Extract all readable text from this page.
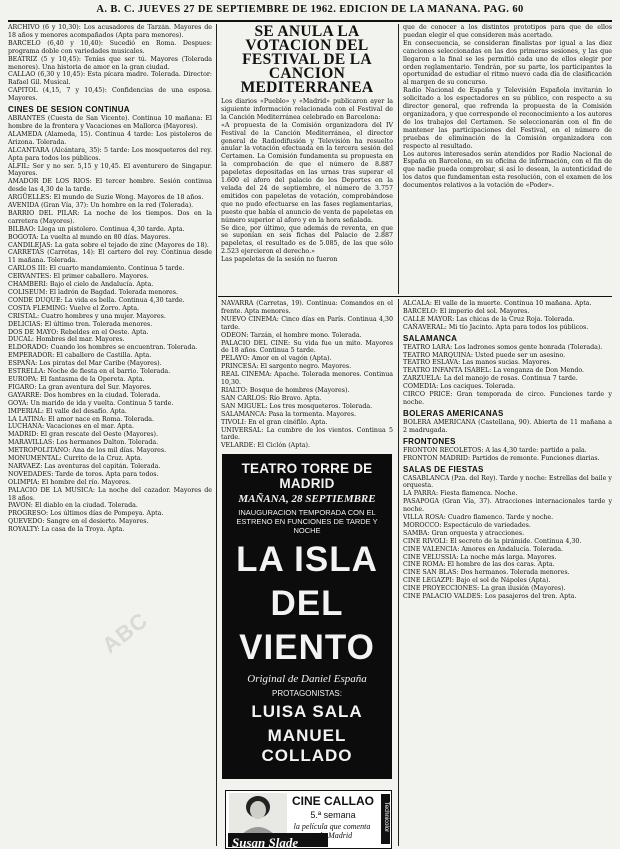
A. B. C. JUEVES 27 DE SEPTIEMBRE DE 1962. EDICION DE LA MAÑANA. PAG. 60

ARCHIVO (6 y 10,30): Los acusadores de Tarzán. Mayores de 18 años y menores acompañados (Apta para menores).

BARCELO (6,40 y 10,40): Sucedió en Roma. Despues: programa doble con variedades musicales.

BEATRIZ (5 y 10,45): Tenías que ser tú. Mayores (Tolerada menores). Una historia de amor en la gran ciudad.

CALLAO (6,30 y 10,45): Esta pícara madre. Tolerada. Director: Rafael Gil. Musical.

CAPITOL (4,15, 7 y 10,45): Confidencias de una esposa. Mayores.

CINES DE SESION CONTINUA

ABRANTES (Cuesta de San Vicente). Continua 10 mañana: El hombre de la frontera y Vacaciones en Mallorca (Mayores).

ALAMEDA (Alameda, 15). Continua 4 tarde: Los pistoleros de Arizona. Tolerada.

ALCANTARA (Alcántara, 35): 5 tarde: Los mosqueteros del rey. Apta para todos los públicos.

ALFIL: Ser y no ser. 5,15 y 10,45. El aventurero de Singapur. Mayores.

AMADOR DE LOS RIOS: El tercer hombre. Sesión continua desde las 4,30 de la tarde.

ARGÜELLES: El mundo de Suzie Wong. Mayores de 18 años.

AVENIDA (Gran Vía, 37): Un hombre en la red (Tolerada).

BARRIO DEL PILAR: La noche de los tiempos. Dos en la carretera (Mayores).

BILBAO: Llega un pistolero. Continua 4,30 tarde. Apta.

BOGOTA: La vuelta al mundo en 80 días. Mayores.

CANDILEJAS: La gata sobre el tejado de zinc (Mayores de 18).

CARRETAS (Carretas, 14): El cartero del rey. Continua desde 11 mañana. Tolerada.

CARLOS III: El cuarto mandamiento. Continua 5 tarde.

CERVANTES: El primer caballero. Mayores.

CHAMBERI: Bajo el cielo de Andalucía. Apta.

COLISEUM: El ladrón de Bagdad. Tolerada menores.

CONDE DUQUE: La vida es bella. Continua 4,30 tarde.

COSTA FLEMING: Vuelve el Zorro. Apta.

CRISTAL: Cuatro hombres y una mujer. Mayores.

DELICIAS: El último tren. Tolerada menores.

DOS DE MAYO: Rebeldes en el Oeste. Apta.

DUCAL: Hombres del mar. Mayores.

ELDORADO: Cuando los hombres se encuentran. Tolerada.

EMPERADOR: El caballero de Castilla. Apta.

ESPAÑA: Los piratas del Mar Caribe (Mayores).

ESTRELLA: Noche de fiesta en el barrio. Tolerada.

EUROPA: El fantasma de la Opereta. Apta.

FIGARO: La gran aventura del Sur. Mayores.

GAYARRE: Dos hombres en la ciudad. Tolerada.

GOYA: Un marido de ida y vuelta. Continua 5 tarde.

IMPERIAL: El valle del desafío. Apta.

LA LATINA: El amor nace en Roma. Tolerada.

LUCHANA: Vacaciones en el mar. Apta.

MADRID: El gran rescate del Oeste (Mayores).

MARAVILLAS: Los hermanos Dalton. Tolerada.

METROPOLITANO: Ana de los mil días. Mayores.

MONUMENTAL: Currito de la Cruz. Apta.

NARVAEZ: Las aventuras del capitán. Tolerada.

NOVEDADES: Tarde de toros. Apta para todos.

OLIMPIA: El hombre del río. Mayores.

PALACIO DE LA MUSICA: La noche del cazador. Mayores de 18 años.

PAVON: El diablo en la ciudad. Tolerada.

PROGRESO: Los últimos días de Pompeya. Apta.

QUEVEDO: Sangre en el desierto. Mayores.

ROYALTY: La casa de la Troya. Apta.

SE ANULA LA VOTACION DEL FESTIVAL DE LA CANCION MEDITERRANEA

Los diarios «Pueblo» y «Madrid» publicaron ayer la siguiente información relacionada con el Festival de la Canción Mediterránea celebrado en Barcelona:

«A propuesta de la Comisión organizadora del IV Festival de la Canción Mediterránea, el director general de Radiodifusión y Televisión ha resuelto anular la votación efectuada en la tercera sesión del Certamen. La Comisión fundamenta su propuesta en la comprobación de que el número de 8.887 papeletas depositadas en las urnas tras superar el 1.600 el aforo del palacio de los Deportes en la velada del 24 de septiembre, el número de 3.757 emitidos con papeletas de votación, comprobándose que no pudo efectuarse en las fases reglamentarias, puesto que había el anuncio de venta de papeletas en número superior al aforo y en la hora señalada.

Se dice, por último, que además de reventa, en que se suponían en seis fichas del Palacio de 2.887 papeletas, el resultado es de 5.085, de las que sólo 2.523 ejercieron el derecho.»

Las papeletas de la sesión no fueron

que de conocer a los distintos prototipos para que de ellos puedan elegir el que consideren más acertado.

En consecuencia, se consideran finalistas por igual a las diez canciones seleccionadas en las dos primeras sesiones, y las que llegaron a la final se les permitió cada uno de ellos elegir por orden reglamentario. Tendrán, por su parte, los participantes la oportunidad de estudiar el ritmo nuevo cada día de clasificación al margen de su concurso.

Radio Nacional de España y Televisión Española invitarán lo solicitado a los espectadores en su público, con respecto a su director general, que refrenda la propuesta de la Comisión organizadora, y que corresponde el reconocimiento a los autores de los trabajos del Certamen. Se seleccionarán con el fin de mantener las participaciones del Festival, en el número de pruebas de eliminación de la Comisión organizadora con respecto al resultado.

Los autores interesados serán atendidos por Radio Nacional de España en Barcelona, en su oficina de información, con el fin de que nadie pueda comprobar, si así lo desean, la autenticidad de los datos que fundamentan esta resolución, con el examen de los documentos relativos a la votación de «Poder».

NAVARRA (Carretas, 19). Continua: Comandos en el frente. Apta menores.

NUEVO CINEMA: Cinco días en París. Continua 4,30 tarde.

ODEON: Tarzán, el hombre mono. Tolerada.

PALACIO DEL CINE: Su vida fue un mito. Mayores de 18 años. Continua 5 tarde.

PELAYO: Amor en el vagón (Apta).

PRINCESA: El sargento negro. Mayores.

REAL CINEMA: Apache. Tolerada menores. Continua 10,30.

RIALTO: Bosque de hombres (Mayores).

SAN CARLOS: Río Bravo. Apta.

SAN MIGUEL: Los tres mosqueteros. Tolerada.

SALAMANCA: Pasa la tormenta. Mayores.

TIVOLI: En el gran cinéfilo. Apta.

UNIVERSAL: La cumbre de los vientos. Continua 5 tarde.

VELARDE: El Ciclón (Apta).

TEATRO TORRE DE MADRID
MAÑANA, 28 SEPTIEMBRE
INAUGURACION TEMPORADA CON EL ESTRENO EN FUNCIONES DE TARDE Y NOCHE
LA ISLA
DEL
VIENTO
Original de Daniel España
PROTAGONISTAS:
LUISA SALA
MANUEL COLLADO
Susan Slade
CINE CALLAO
5.ª semana
la película que comenta todo Madrid
Technicolor

ALCALA: El valle de la muerte. Continua 10 mañana. Apta.

BARCELO: El imperio del sol. Mayores.

CALLE MAYOR: Las chicas de la Cruz Roja. Tolerada.

CAÑAVERAL: Mi tío Jacinto. Apta para todos los públicos.

SALAMANCA

TEATRO LARA: Los ladrones somos gente honrada (Tolerada).

TEATRO MARQUINA: Usted puede ser un asesino.

TEATRO ESLAVA: Las manos sucias. Mayores.

TEATRO INFANTA ISABEL: La venganza de Don Mendo.

ZARZUELA: La del manojo de rosas. Continua 7 tarde.

COMEDIA: Los caciques. Tolerada.

CIRCO PRICE: Gran temporada de circo. Funciones tarde y noche.

BOLERAS AMERICANAS

BOLERA AMERICANA (Castellana, 90). Abierta de 11 mañana a 2 madrugada.

FRONTONES

FRONTON RECOLETOS: A las 4,30 tarde: partido a pala.

FRONTON MADRID: Partidos de remonte. Funciones diarias.

SALAS DE FIESTAS

CASABLANCA (Pza. del Rey). Tarde y noche: Estrellas del baile y orquesta.

LA PARRA: Fiesta flamenca. Noche.

PASAPOGA (Gran Vía, 37). Atracciones internacionales tarde y noche.

VILLA ROSA: Cuadro flamenco. Tarde y noche.

MOROCCO: Espectáculo de variedades.

SAMBA: Gran orquesta y atracciones.

CINE RIVOLI: El secreto de la pirámide. Continua 4,30.

CINE VALENCIA: Amores en Andalucía. Tolerada.

CINE VELUSSIA: La noche más larga. Mayores.

CINE ROMA: El hombre de las dos caras. Apta.

CINE SAN BLAS: Dos hermanos. Tolerada menores.

CINE LEGAZPI: Bajo el sol de Nápoles (Apta).

CINE PROYECCIONES: La gran ilusión (Mayores).

CINE PALACIO VALDES: Los pasajeros del tren. Apta.

ABC
